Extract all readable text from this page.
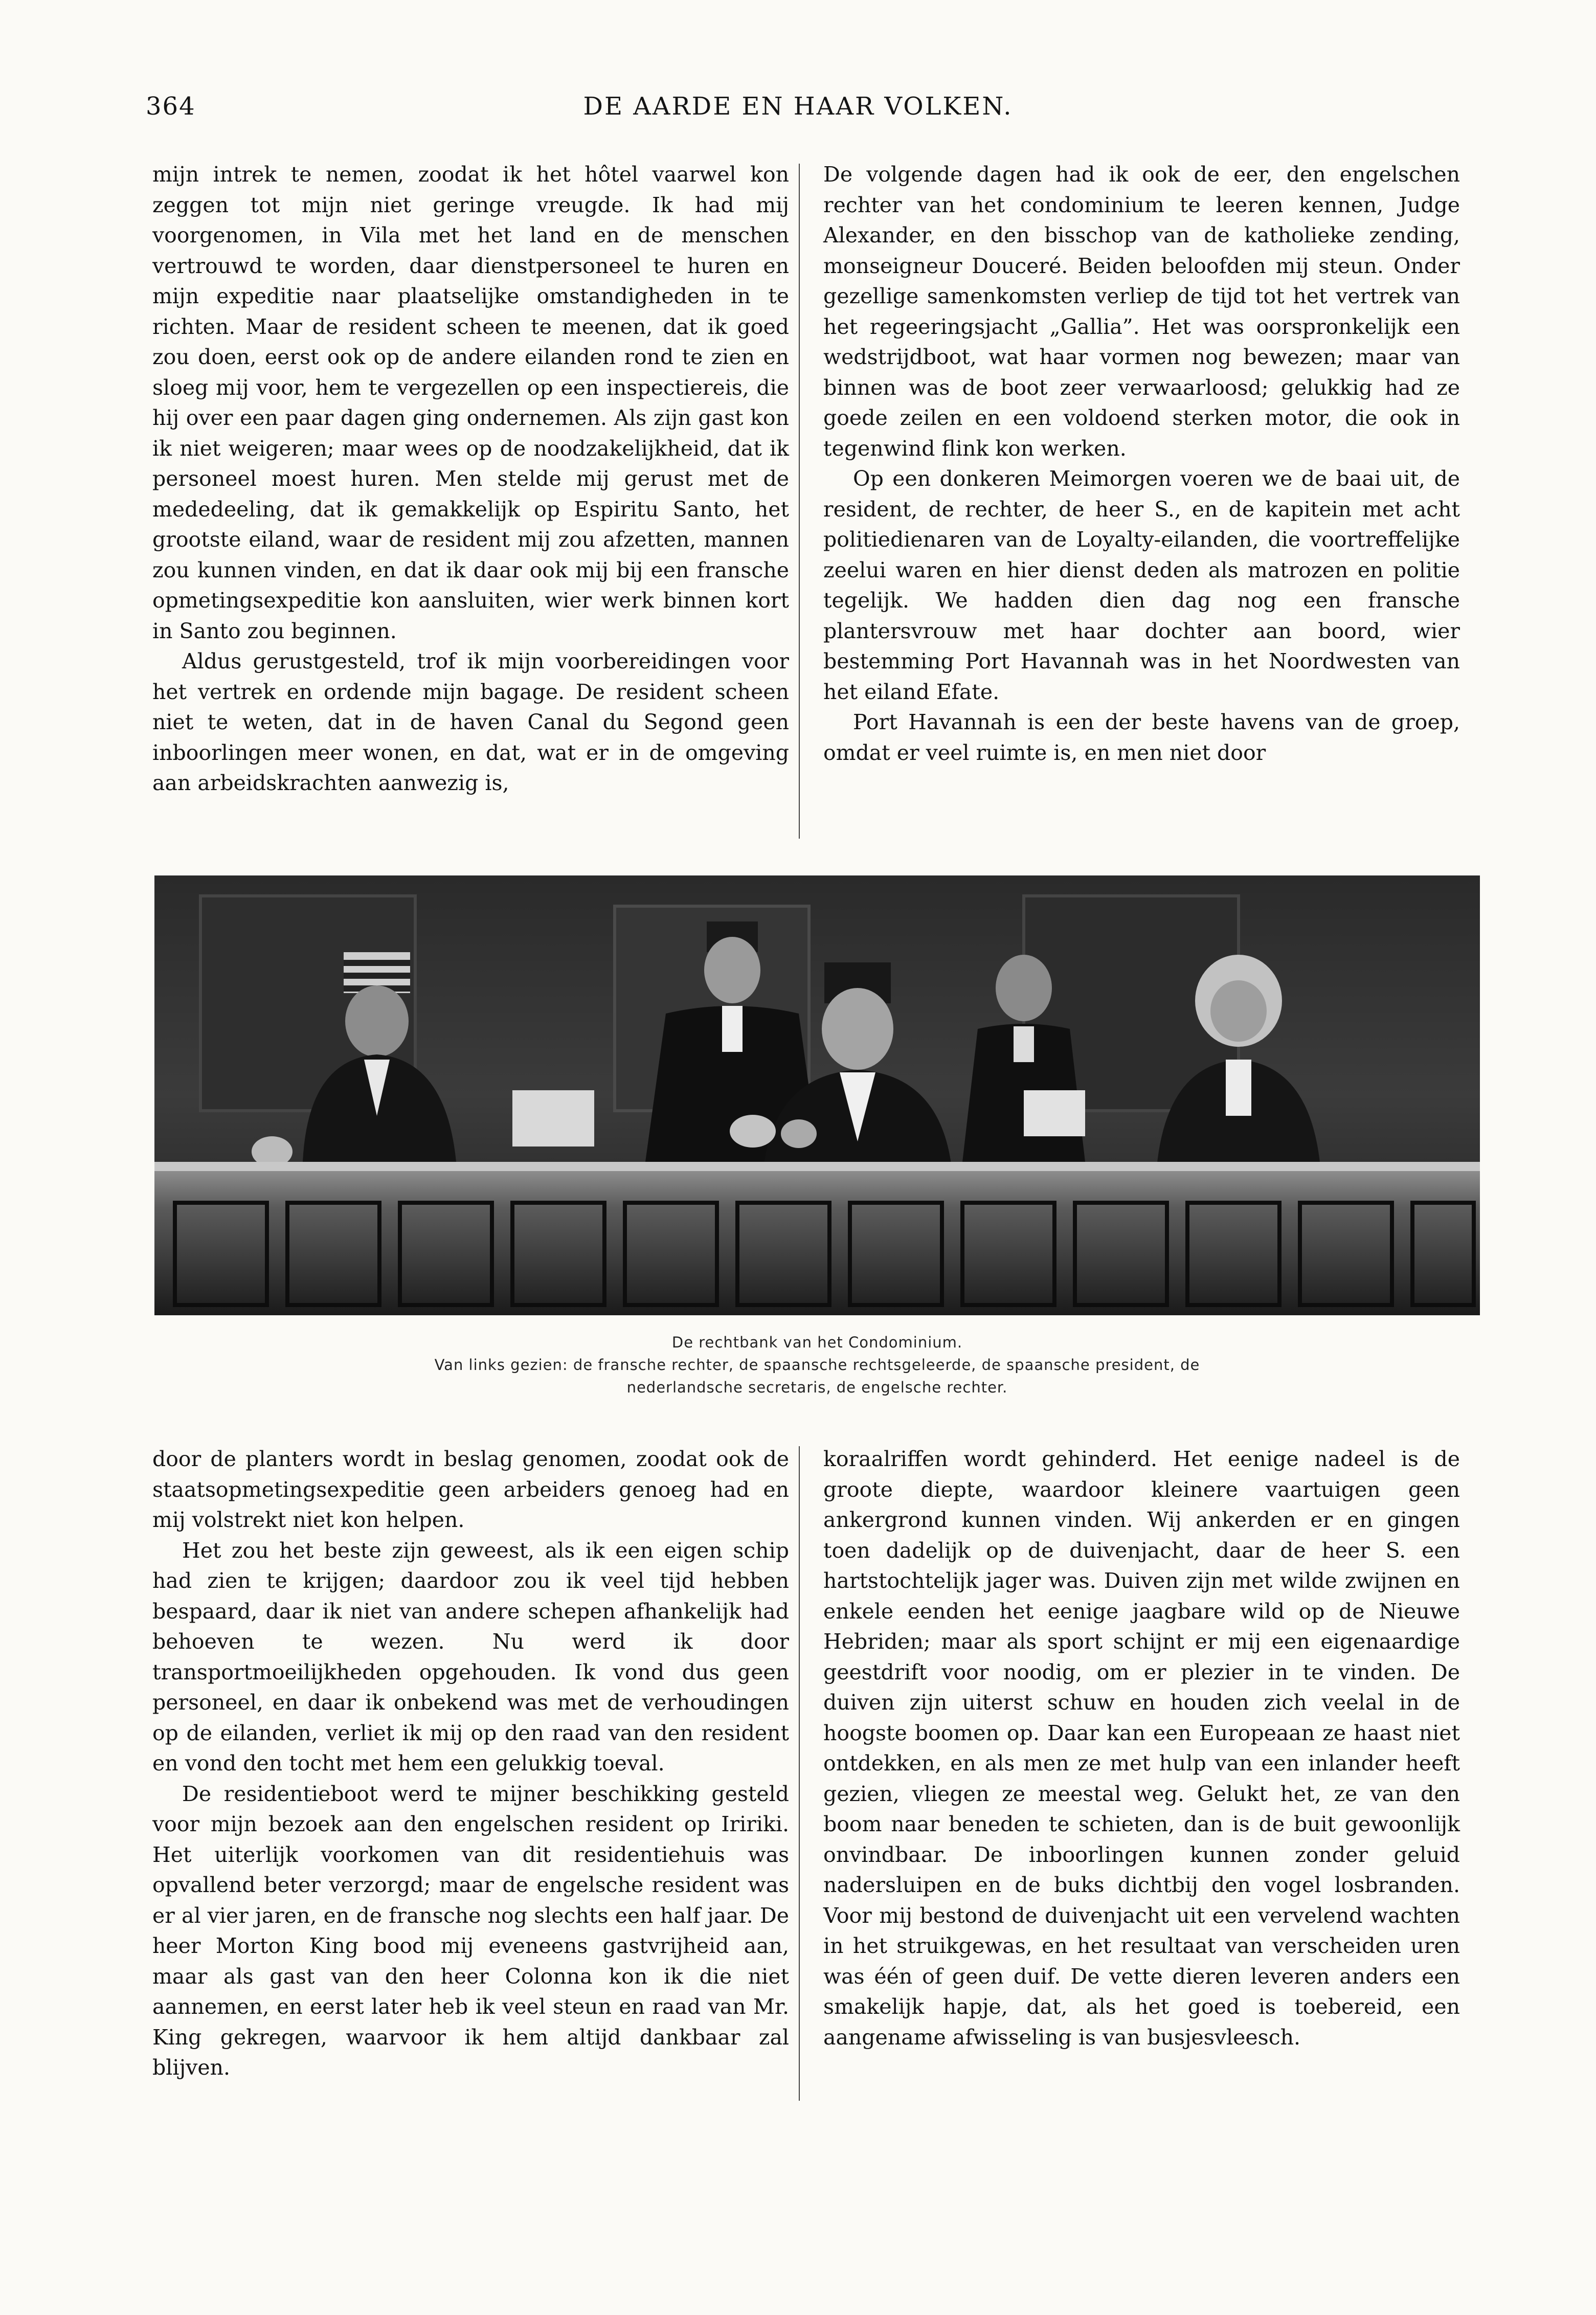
364	DE AARDE EN HAAR VOLKEN.

mijn intrek te nemen, zoodat ik het hôtel vaarwel kon zeggen tot mijn niet geringe vreugde. Ik had mij voorgenomen, in Vila met het land en de menschen vertrouwd te worden, daar dienstpersoneel te huren en mijn expeditie naar plaatselijke omstandigheden in te richten. Maar de resident scheen te meenen, dat ik goed zou doen, eerst ook op de andere eilanden rond te zien en sloeg mij voor, hem te vergezellen op een inspectiereis, die hij over een paar dagen ging ondernemen. Als zijn gast kon ik niet weigeren; maar wees op de noodzakelijkheid, dat ik personeel moest huren. Men stelde mij gerust met de mededeeling, dat ik gemakkelijk op Espiritu Santo, het grootste eiland, waar de resident mij zou afzetten, mannen zou kunnen vinden, en dat ik daar ook mij bij een fransche opmetingsexpeditie kon aansluiten, wier werk binnen kort in Santo zou beginnen.

Aldus gerustgesteld, trof ik mijn voorbereidingen voor het vertrek en ordende mijn bagage. De resident scheen niet te weten, dat in de haven Canal du Segond geen inboorlingen meer wonen, en dat, wat er in de omgeving aan arbeidskrachten aanwezig is,

De volgende dagen had ik ook de eer, den engelschen rechter van het condominium te leeren kennen, Judge Alexander, en den bisschop van de katholieke zending, monseigneur Douceré. Beiden beloofden mij steun. Onder gezellige samenkomsten verliep de tijd tot het vertrek van het regeeringsjacht „Gallia”. Het was oorspronkelijk een wedstrijdboot, wat haar vormen nog bewezen; maar van binnen was de boot zeer verwaarloosd; gelukkig had ze goede zeilen en een voldoend sterken motor, die ook in tegenwind flink kon werken.

Op een donkeren Meimorgen voeren we de baai uit, de resident, de rechter, de heer S., en de kapitein met acht politiedienaren van de Loyalty-eilanden, die voortreffelijke zeelui waren en hier dienst deden als matrozen en politie tegelijk. We hadden dien dag nog een fransche plantersvrouw met haar dochter aan boord, wier bestemming Port Havannah was in het Noordwesten van het eiland Efate.

Port Havannah is een der beste havens van de groep, omdat er veel ruimte is, en men niet door

De rechtbank van het Condominium.
Van links gezien: de fransche rechter, de spaansche rechtsgeleerde, de spaansche president, de
nederlandsche secretaris, de engelsche rechter.

door de planters wordt in beslag genomen, zoodat ook de staatsopmetingsexpeditie geen arbeiders genoeg had en mij volstrekt niet kon helpen.

Het zou het beste zijn geweest, als ik een eigen schip had zien te krijgen; daardoor zou ik veel tijd hebben bespaard, daar ik niet van andere schepen afhankelijk had behoeven te wezen. Nu werd ik door transportmoeilijkheden opgehouden. Ik vond dus geen personeel, en daar ik onbekend was met de verhoudingen op de eilanden, verliet ik mij op den raad van den resident en vond den tocht met hem een gelukkig toeval.

De residentieboot werd te mijner beschikking gesteld voor mijn bezoek aan den engelschen resident op Iririki. Het uiterlijk voorkomen van dit residentiehuis was opvallend beter verzorgd; maar de engelsche resident was er al vier jaren, en de fransche nog slechts een half jaar. De heer Morton King bood mij eveneens gastvrijheid aan, maar als gast van den heer Colonna kon ik die niet aannemen, en eerst later heb ik veel steun en raad van Mr. King gekregen, waarvoor ik hem altijd dankbaar zal blijven.

koraalriffen wordt gehinderd. Het eenige nadeel is de groote diepte, waardoor kleinere vaartuigen geen ankergrond kunnen vinden. Wij ankerden er en gingen toen dadelijk op de duivenjacht, daar de heer S. een hartstochtelijk jager was. Duiven zijn met wilde zwijnen en enkele eenden het eenige jaagbare wild op de Nieuwe Hebriden; maar als sport schijnt er mij een eigenaardige geestdrift voor noodig, om er plezier in te vinden. De duiven zijn uiterst schuw en houden zich veelal in de hoogste boomen op. Daar kan een Europeaan ze haast niet ontdekken, en als men ze met hulp van een inlander heeft gezien, vliegen ze meestal weg. Gelukt het, ze van den boom naar beneden te schieten, dan is de buit gewoonlijk onvindbaar. De inboorlingen kunnen zonder geluid nadersluipen en de buks dichtbij den vogel losbranden. Voor mij bestond de duivenjacht uit een vervelend wachten in het struikgewas, en het resultaat van verscheiden uren was één of geen duif. De vette dieren leveren anders een smakelijk hapje, dat, als het goed is toebereid, een aangename afwisseling is van busjesvleesch.
